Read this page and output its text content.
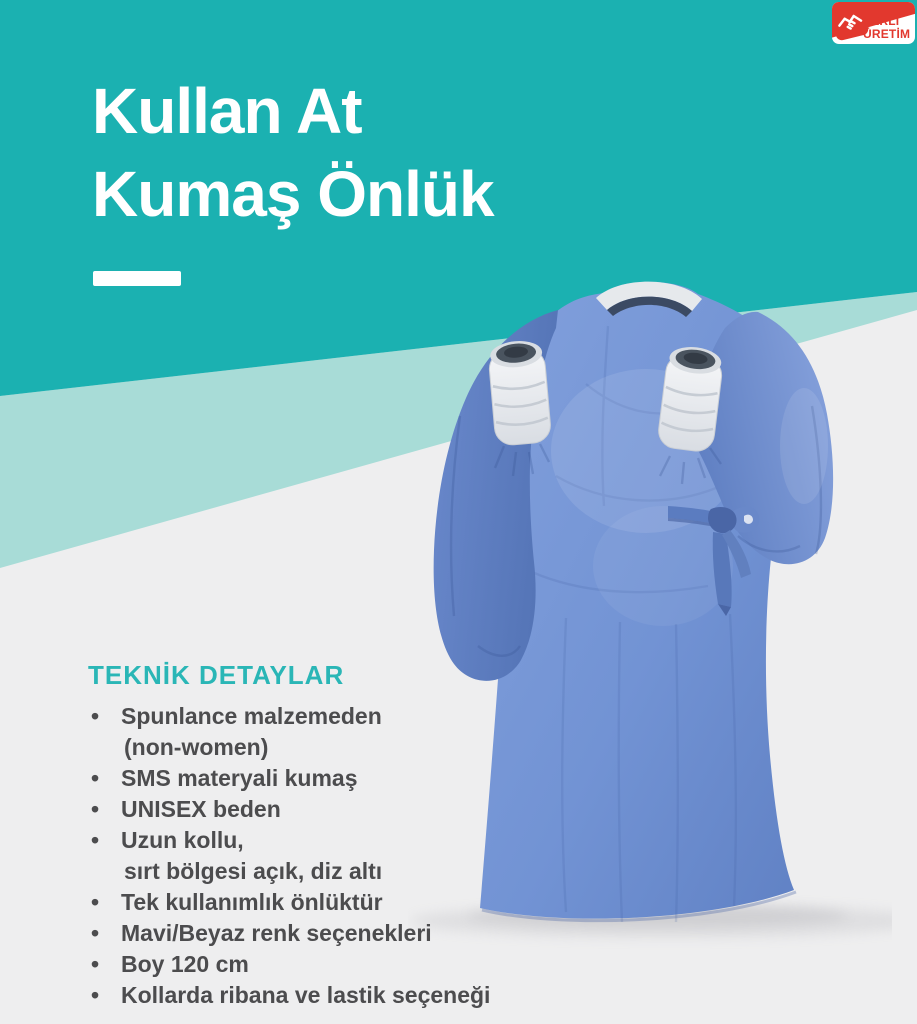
Kullan At
Kumaş Önlük
YERLİ
ÜRETİM
TEKNİK DETAYLAR
• Spunlance malzemeden
(non-women)
• SMS materyali kumaş
• UNISEX beden
• Uzun kollu,
sırt bölgesi açık, diz altı
• Tek kullanımlık önlüktür
• Mavi/Beyaz renk seçenekleri
• Boy 120 cm
• Kollarda ribana ve lastik seçeneği
